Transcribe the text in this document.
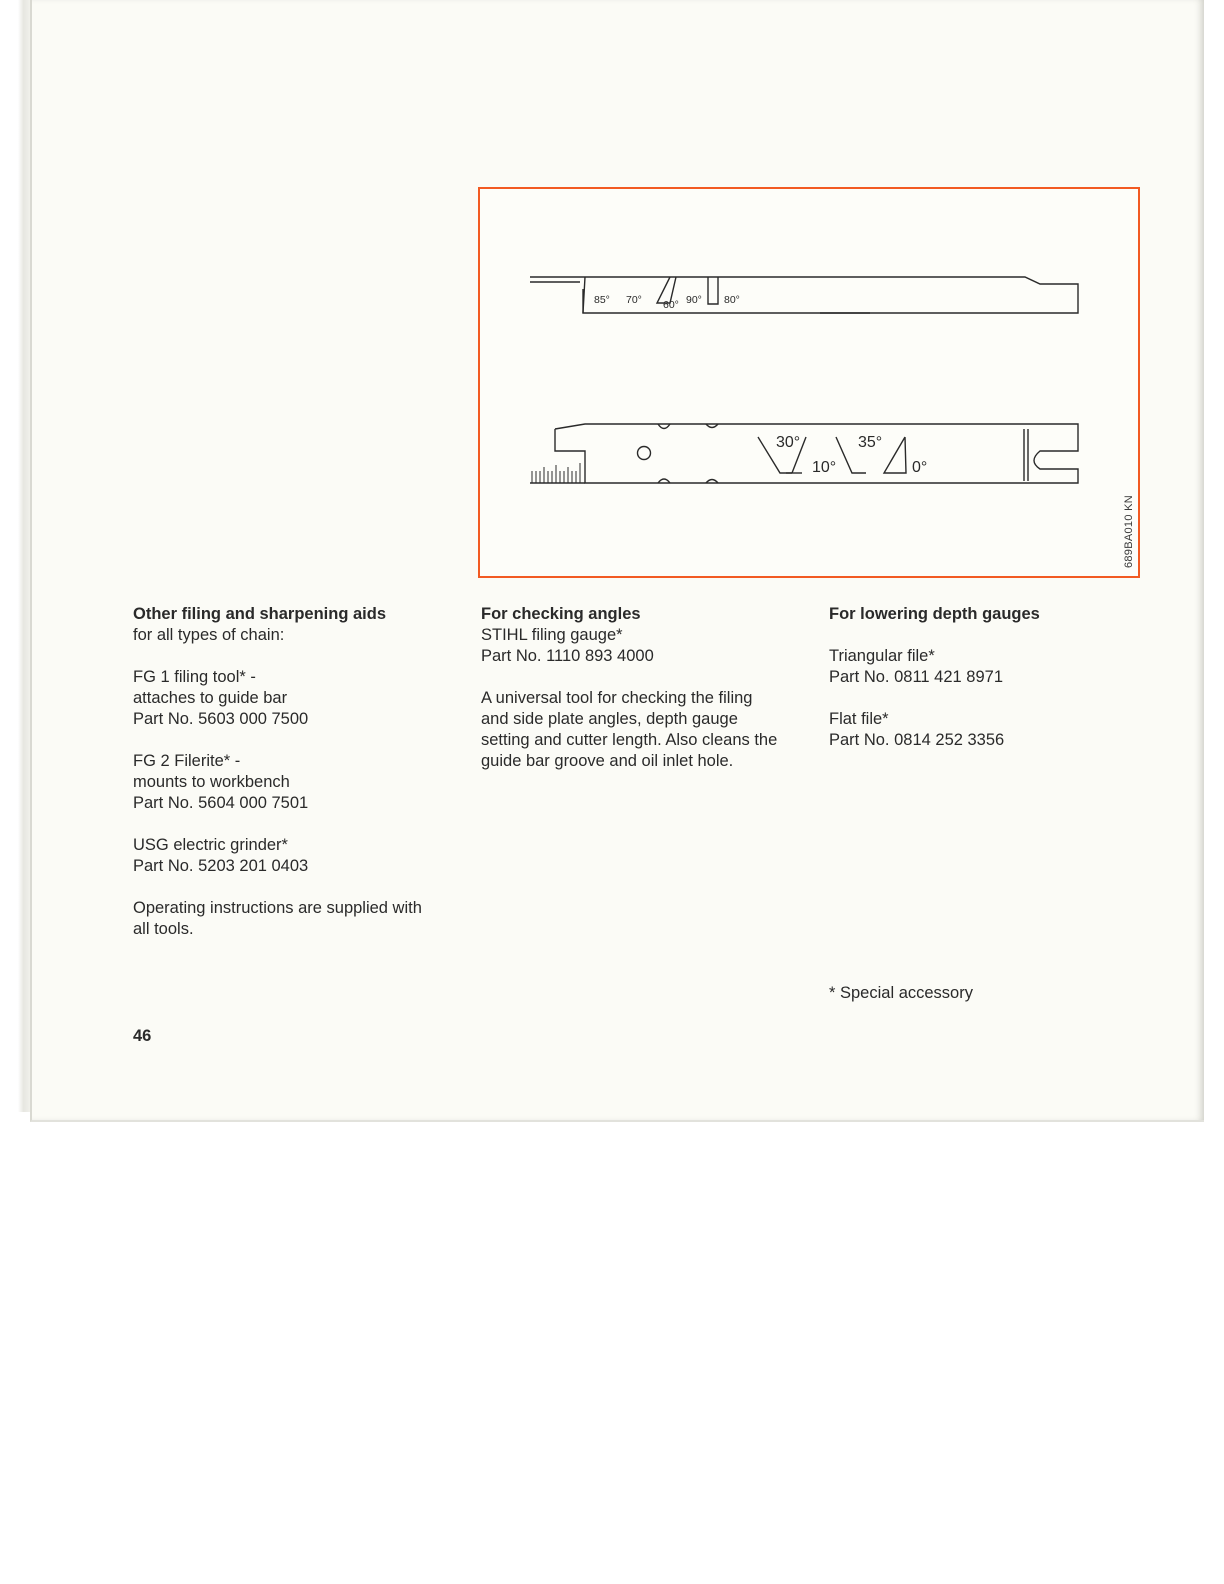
85° 70° 60° 90° 80°
30°
10°
35°
0°
689BA010 KN
Other filing and sharpening aids

for all types of chain:

FG 1 filing tool* -
attaches to guide bar
Part No. 5603 000 7500

FG 2 Filerite* -
mounts to workbench
Part No. 5604 000 7501

USG electric grinder*
Part No. 5203 201 0403

Operating instructions are supplied with
all tools.

For checking angles

STIHL filing gauge*
Part No. 1110 893 4000

A universal tool for checking the filing
and side plate angles, depth gauge
setting and cutter length. Also cleans the
guide bar groove and oil inlet hole.

For lowering depth gauges

Triangular file*
Part No. 0811 421 8971

Flat file*
Part No. 0814 252 3356

* Special accessory
46
